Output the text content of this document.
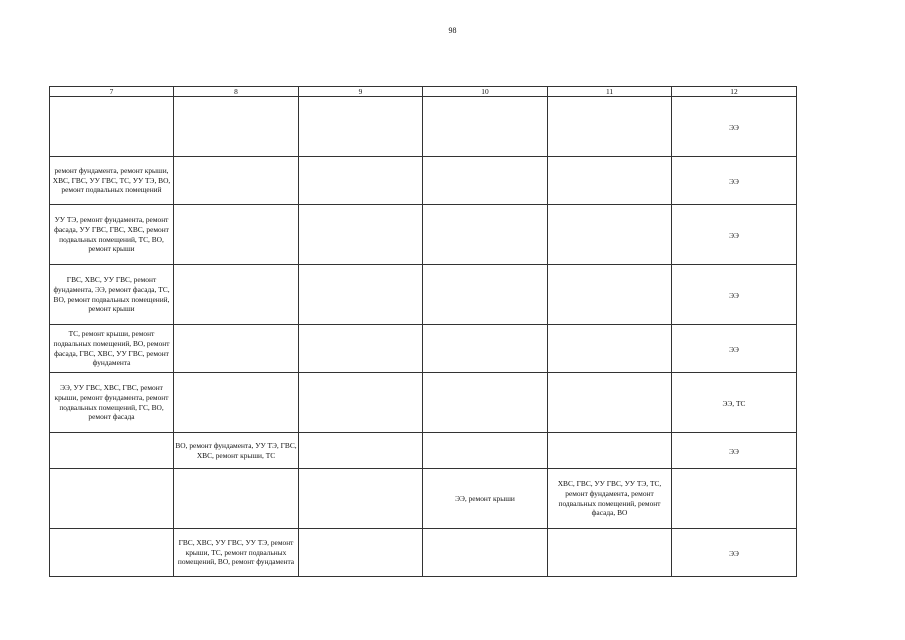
98
7	8	9	10	11	12
					ЭЭ
ремонт фундамента, ремонт крыши, ХВС, ГВС, УУ ГВС, ТС, УУ ТЭ, ВО, ремонт подвальных помещений					ЭЭ
УУ ТЭ, ремонт фундамента, ремонт фасада, УУ ГВС, ГВС, ХВС, ремонт подвальных помещений, ТС, ВО, ремонт крыши					ЭЭ
ГВС, ХВС, УУ ГВС, ремонт фундамента, ЭЭ, ремонт фасада, ТС, ВО, ремонт подвальных помещений, ремонт крыши					ЭЭ
ТС, ремонт крыши, ремонт подвальных помещений, ВО, ремонт фасада, ГВС, ХВС, УУ ГВС, ремонт фундамента					ЭЭ
ЭЭ, УУ ГВС, ХВС, ГВС, ремонт крыши, ремонт фундамента, ремонт подвальных помещений, ГС, ВО, ремонт фасада					ЭЭ, ТС
	ВО, ремонт фундамента, УУ ТЭ, ГВС, ХВС, ремонт крыши, ТС				ЭЭ
			ЭЭ, ремонт крыши	ХВС, ГВС, УУ ГВС, УУ ТЭ, ТС, ремонт фундамента, ремонт подвальных помещений, ремонт фасада, ВО	
	ГВС, ХВС, УУ ГВС, УУ ТЭ, ремонт крыши, ТС, ремонт подвальных помещений, ВО, ремонт фундамента				ЭЭ
